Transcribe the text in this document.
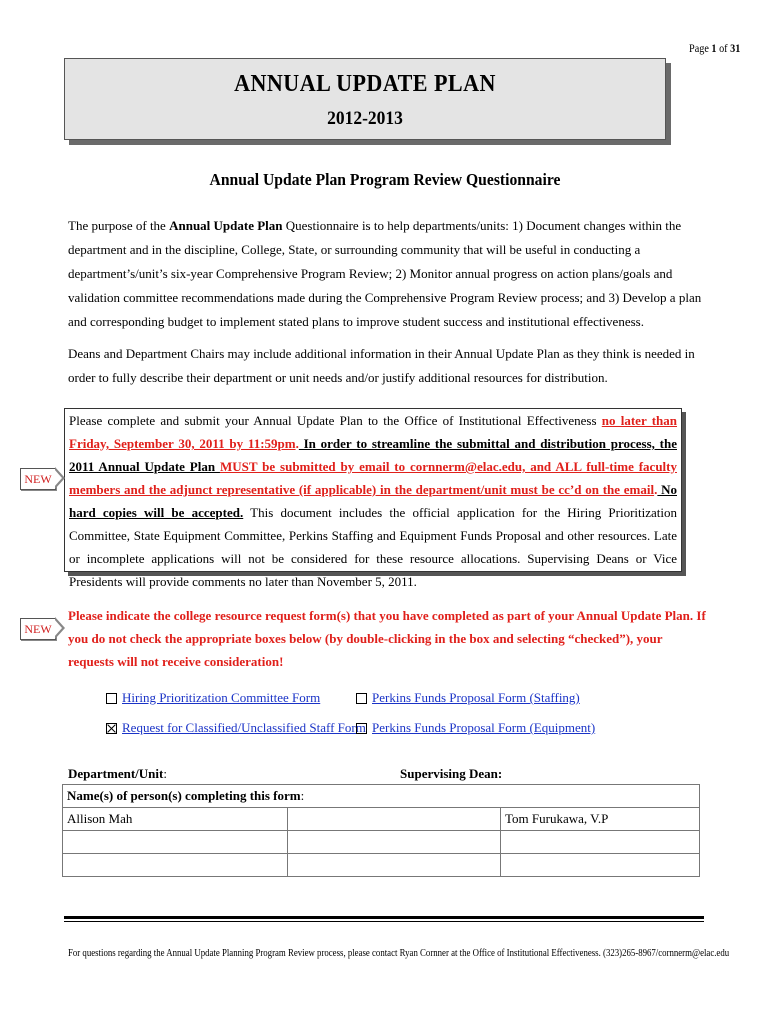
Page 1 of 31
ANNUAL UPDATE PLAN
2012-2013
Annual Update Plan Program Review Questionnaire
The purpose of the Annual Update Plan Questionnaire is to help departments/units: 1) Document changes within the department and in the discipline, College, State, or surrounding community that will be useful in conducting a department’s/unit’s six-year Comprehensive Program Review; 2) Monitor annual progress on action plans/goals and validation committee recommendations made during the Comprehensive Program Review process; and 3) Develop a plan and corresponding budget to implement stated plans to improve student success and institutional effectiveness.
Deans and Department Chairs may include additional information in their Annual Update Plan as they think is needed in order to fully describe their department or unit needs and/or justify additional resources for distribution.
Please complete and submit your Annual Update Plan to the Office of Institutional Effectiveness no later than Friday, September 30, 2011 by 11:59pm. In order to streamline the submittal and distribution process, the 2011 Annual Update Plan MUST be submitted by email to cornnerm@elac.edu, and ALL full-time faculty members and the adjunct representative (if applicable) in the department/unit must be cc’d on the email. No hard copies will be accepted. This document includes the official application for the Hiring Prioritization Committee, State Equipment Committee, Perkins Staffing and Equipment Funds Proposal and other resources. Late or incomplete applications will not be considered for these resource allocations. Supervising Deans or Vice Presidents will provide comments no later than November 5, 2011.
NEW
Please indicate the college resource request form(s) that you have completed as part of your Annual Update Plan. If you do not check the appropriate boxes below (by double-clicking in the box and selecting “checked”), your requests will not receive consideration!
NEW
Hiring Prioritization Committee Form	Perkins Funds Proposal Form (Staffing)
Request for Classified/Unclassified Staff Form Perkins Funds Proposal Form (Equipment)
Department/Unit:	Supervising Dean:
Name(s) of person(s) completing this form:		
Allison Mah		Tom Furukawa, V.P

For questions regarding the Annual Update Planning Program Review process, please contact Ryan Cornner at the Office of Institutional Effectiveness. (323)265-8967/cornnerm@elac.edu
